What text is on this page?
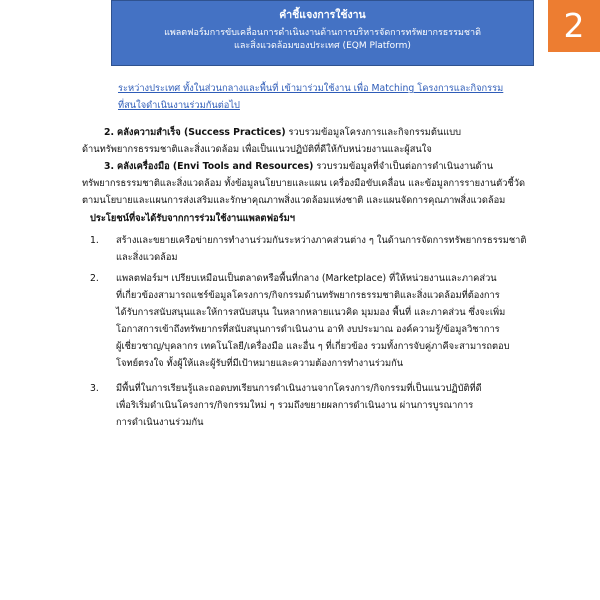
คำชี้แจงการใช้งาน
แพลตฟอร์มการขับเคลื่อนการดำเนินงานด้านการบริหารจัดการทรัพยากรธรรมชาติ
และสิ่งแวดล้อมของประเทศ (EQM Platform)
2
ระหว่างประเทศ ทั้งในส่วนกลางและพื้นที่ เข้ามาร่วมใช้งาน เพื่อ Matching โครงการและกิจกรรม
ที่สนใจดำเนินงานร่วมกันต่อไป
2. คลังความสำเร็จ (Success Practices) รวบรวมข้อมูลโครงการและกิจกรรมต้นแบบ
ด้านทรัพยากรธรรมชาติและสิ่งแวดล้อม เพื่อเป็นแนวปฏิบัติที่ดีให้กับหน่วยงานและผู้สนใจ
3. คลังเครื่องมือ (Envi Tools and Resources) รวบรวมข้อมูลที่จำเป็นต่อการดำเนินงานด้าน
ทรัพยากรธรรมชาติและสิ่งแวดล้อม ทั้งข้อมูลนโยบายและแผน เครื่องมือขับเคลื่อน และข้อมูลการรายงานตัวชี้วัด
ตามนโยบายและแผนการส่งเสริมและรักษาคุณภาพสิ่งแวดล้อมแห่งชาติ และแผนจัดการคุณภาพสิ่งแวดล้อม
ประโยชน์ที่จะได้รับจากการร่วมใช้งานแพลตฟอร์มฯ
1. สร้างและขยายเครือข่ายการทำงานร่วมกันระหว่างภาคส่วนต่าง ๆ ในด้านการจัดการทรัพยากรธรรมชาติ
และสิ่งแวดล้อม
2. แพลตฟอร์มฯ เปรียบเหมือนเป็นตลาดหรือพื้นที่กลาง (Marketplace) ที่ให้หน่วยงานและภาคส่วน
ที่เกี่ยวข้องสามารถแชร์ข้อมูลโครงการ/กิจกรรมด้านทรัพยากรธรรมชาติและสิ่งแวดล้อมที่ต้องการ
ได้รับการสนับสนุนและให้การสนับสนุน ในหลากหลายแนวคิด มุมมอง พื้นที่ และภาคส่วน ซึ่งจะเพิ่ม
โอกาสการเข้าถึงทรัพยากรที่สนับสนุนการดำเนินงาน อาทิ งบประมาณ องค์ความรู้/ข้อมูลวิชาการ
ผู้เชี่ยวชาญ/บุคลากร เทคโนโลยี/เครื่องมือ และอื่น ๆ ที่เกี่ยวข้อง รวมทั้งการจับคู่ภาคีจะสามารถตอบ
โจทย์ตรงใจ ทั้งผู้ให้และผู้รับที่มีเป้าหมายและความต้องการทำงานร่วมกัน
3. มีพื้นที่ในการเรียนรู้และถอดบทเรียนการดำเนินงานจากโครงการ/กิจกรรมที่เป็นแนวปฏิบัติที่ดี
เพื่อริเริ่มดำเนินโครงการ/กิจกรรมใหม่ ๆ รวมถึงขยายผลการดำเนินงาน ผ่านการบูรณาการ
การดำเนินงานร่วมกัน
